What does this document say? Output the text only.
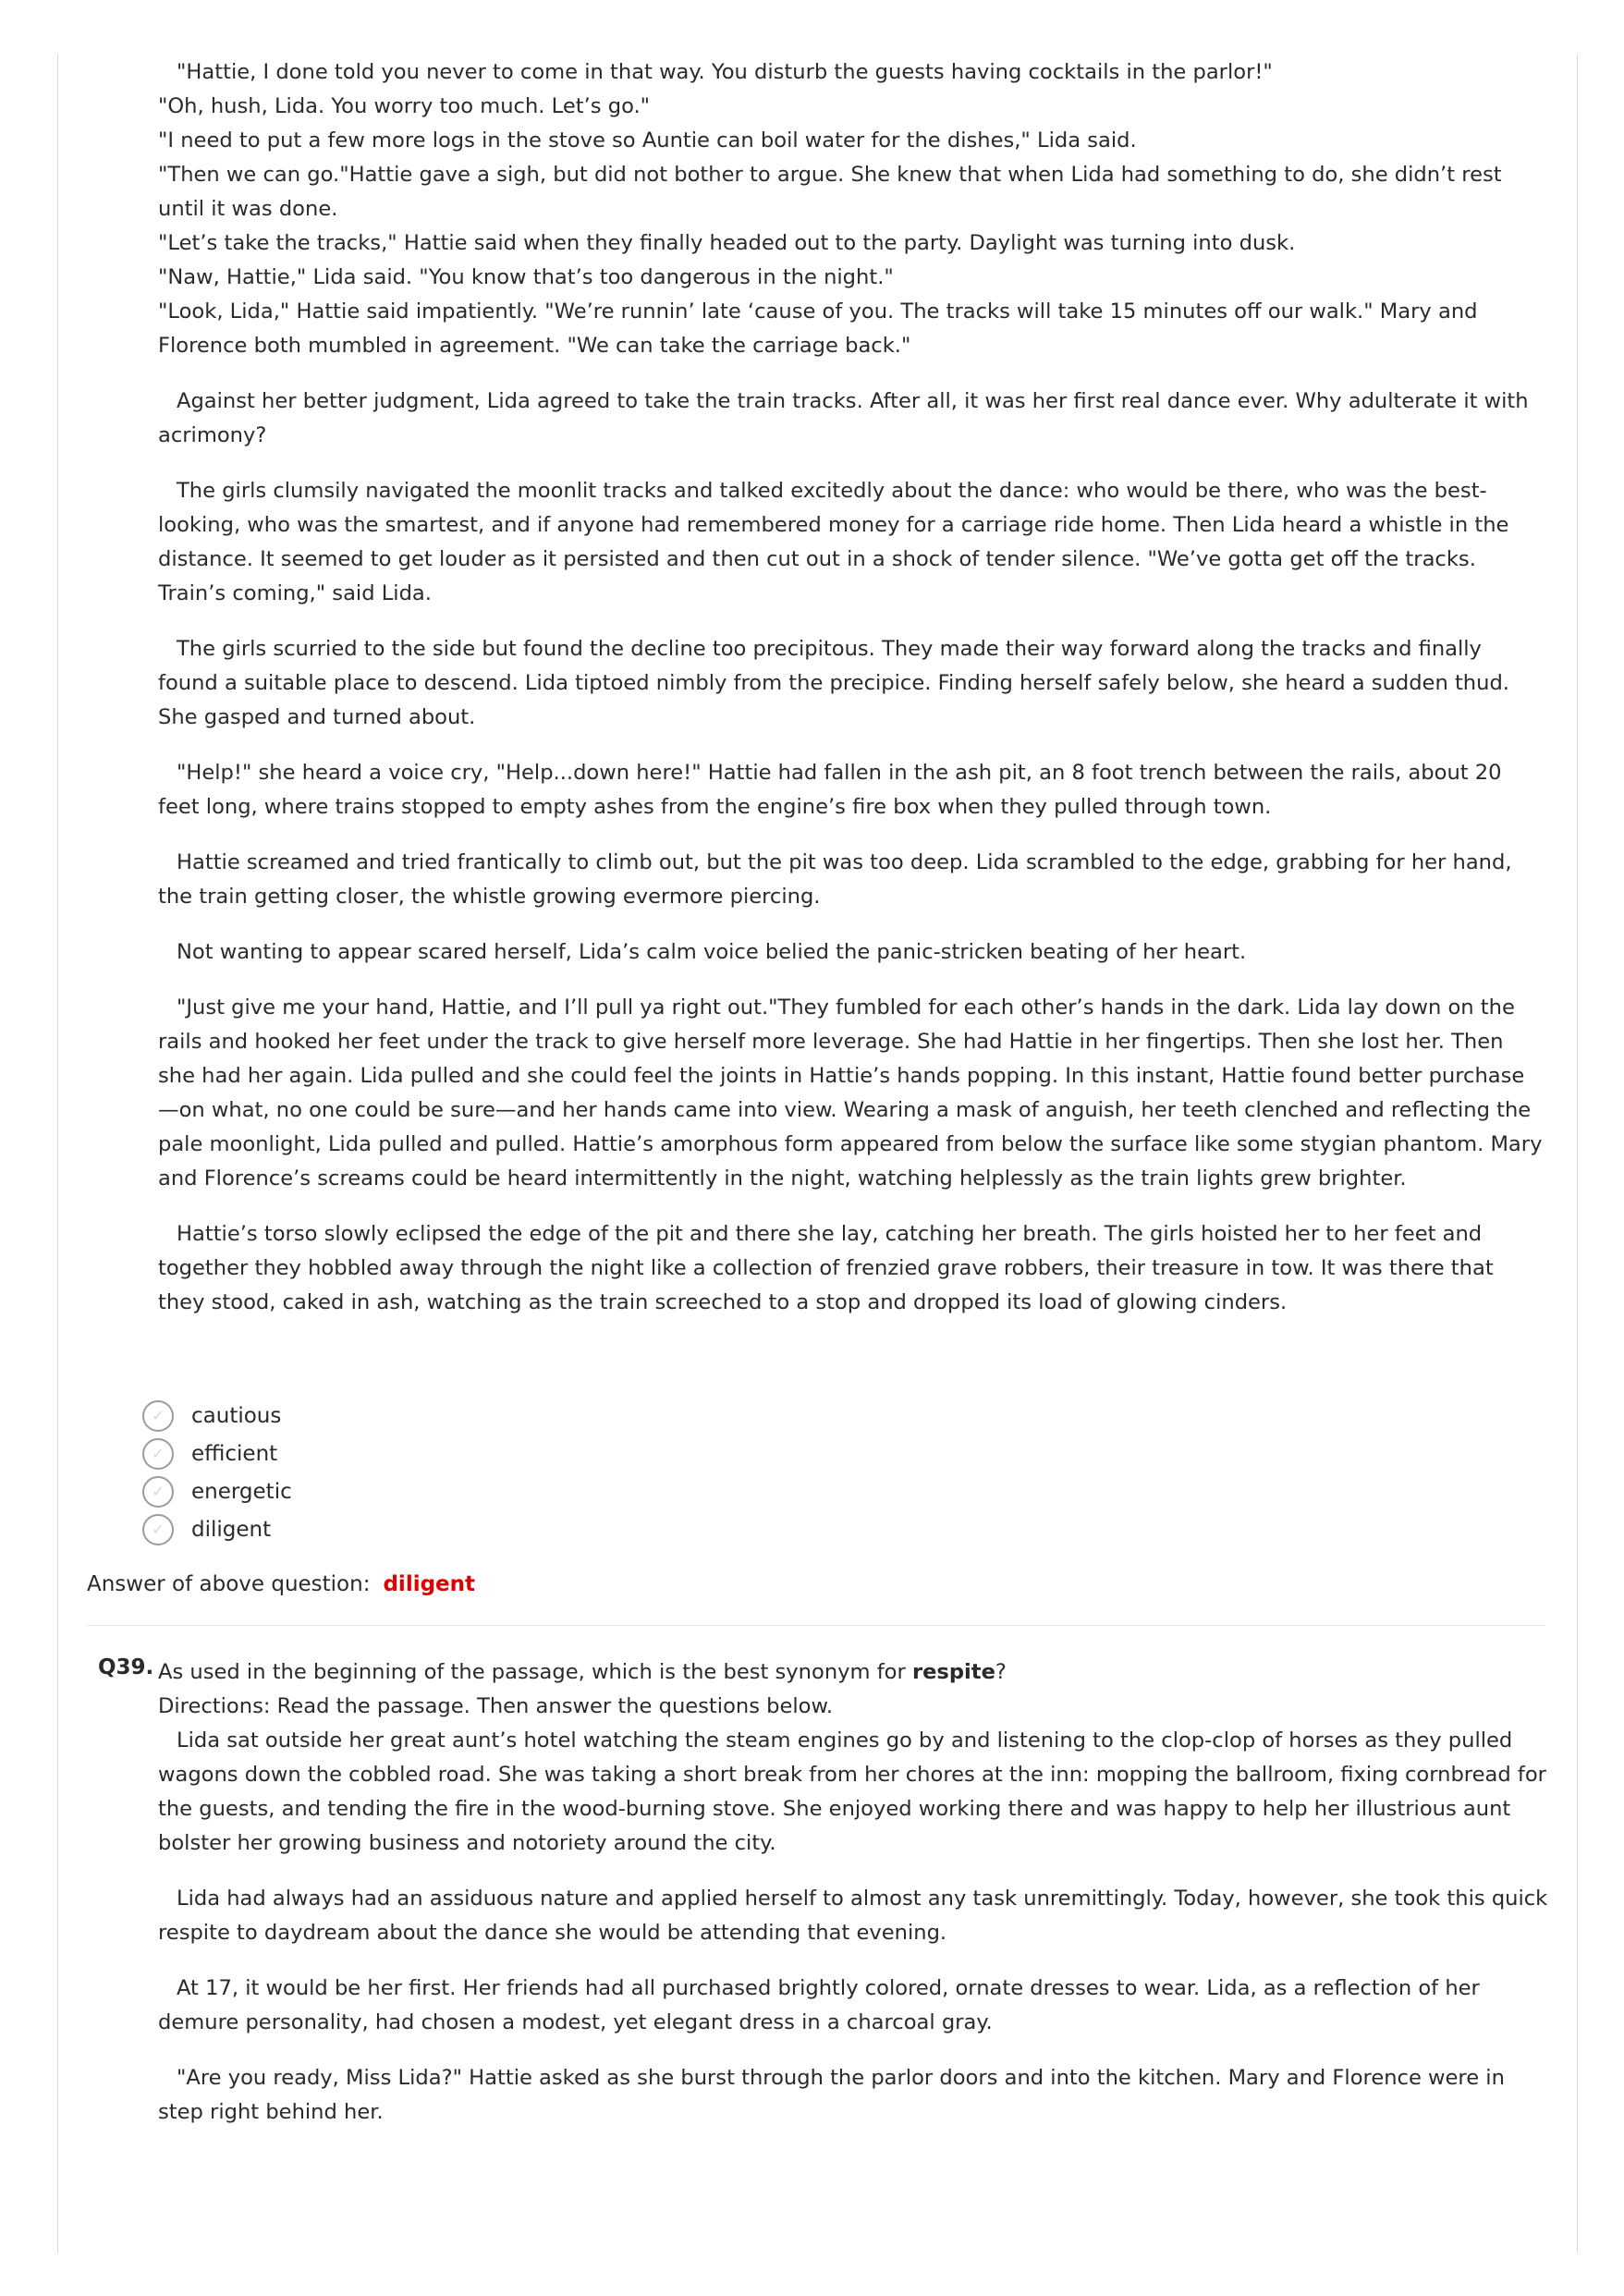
"Hattie, I done told you never to come in that way. You disturb the guests having cocktails in the parlor!"

"Oh, hush, Lida. You worry too much. Let’s go."

"I need to put a few more logs in the stove so Auntie can boil water for the dishes," Lida said.

"Then we can go."Hattie gave a sigh, but did not bother to argue. She knew that when Lida had something to do, she didn’t rest until it was done.

"Let’s take the tracks," Hattie said when they finally headed out to the party. Daylight was turning into dusk.

"Naw, Hattie," Lida said. "You know that’s too dangerous in the night."

"Look, Lida," Hattie said impatiently. "We’re runnin’ late ‘cause of you. The tracks will take 15 minutes off our walk." Mary and Florence both mumbled in agreement. "We can take the carriage back."

Against her better judgment, Lida agreed to take the train tracks. After all, it was her first real dance ever. Why adulterate it with acrimony?

The girls clumsily navigated the moonlit tracks and talked excitedly about the dance: who would be there, who was the best-looking, who was the smartest, and if anyone had remembered money for a carriage ride home. Then Lida heard a whistle in the distance. It seemed to get louder as it persisted and then cut out in a shock of tender silence. "We’ve gotta get off the tracks. Train’s coming," said Lida.

The girls scurried to the side but found the decline too precipitous. They made their way forward along the tracks and finally found a suitable place to descend. Lida tiptoed nimbly from the precipice. Finding herself safely below, she heard a sudden thud. She gasped and turned about.

"Help!" she heard a voice cry, "Help...down here!" Hattie had fallen in the ash pit, an 8 foot trench between the rails, about 20 feet long, where trains stopped to empty ashes from the engine’s fire box when they pulled through town.

Hattie screamed and tried frantically to climb out, but the pit was too deep. Lida scrambled to the edge, grabbing for her hand, the train getting closer, the whistle growing evermore piercing.

Not wanting to appear scared herself, Lida’s calm voice belied the panic-stricken beating of her heart.

"Just give me your hand, Hattie, and I’ll pull ya right out."They fumbled for each other’s hands in the dark. Lida lay down on the rails and hooked her feet under the track to give herself more leverage. She had Hattie in her fingertips. Then she lost her. Then she had her again. Lida pulled and she could feel the joints in Hattie’s hands popping. In this instant, Hattie found better purchase—on what, no one could be sure—and her hands came into view. Wearing a mask of anguish, her teeth clenched and reflecting the pale moonlight, Lida pulled and pulled. Hattie’s amorphous form appeared from below the surface like some stygian phantom. Mary and Florence’s screams could be heard intermittently in the night, watching helplessly as the train lights grew brighter.

Hattie’s torso slowly eclipsed the edge of the pit and there she lay, catching her breath. The girls hoisted her to her feet and together they hobbled away through the night like a collection of frenzied grave robbers, their treasure in tow. It was there that they stood, caked in ash, watching as the train screeched to a stop and dropped its load of glowing cinders.

✓ cautious
✓ efficient
✓ energetic
✓ diligent
Answer of above question: diligent
Q39. As used in the beginning of the passage, which is the best synonym for respite?

Directions: Read the passage. Then answer the questions below.

Lida sat outside her great aunt’s hotel watching the steam engines go by and listening to the clop-clop of horses as they pulled wagons down the cobbled road. She was taking a short break from her chores at the inn: mopping the ballroom, fixing cornbread for the guests, and tending the fire in the wood-burning stove. She enjoyed working there and was happy to help her illustrious aunt bolster her growing business and notoriety around the city.

Lida had always had an assiduous nature and applied herself to almost any task unremittingly. Today, however, she took this quick respite to daydream about the dance she would be attending that evening.

At 17, it would be her first. Her friends had all purchased brightly colored, ornate dresses to wear. Lida, as a reflection of her demure personality, had chosen a modest, yet elegant dress in a charcoal gray.

"Are you ready, Miss Lida?" Hattie asked as she burst through the parlor doors and into the kitchen. Mary and Florence were in step right behind her.
